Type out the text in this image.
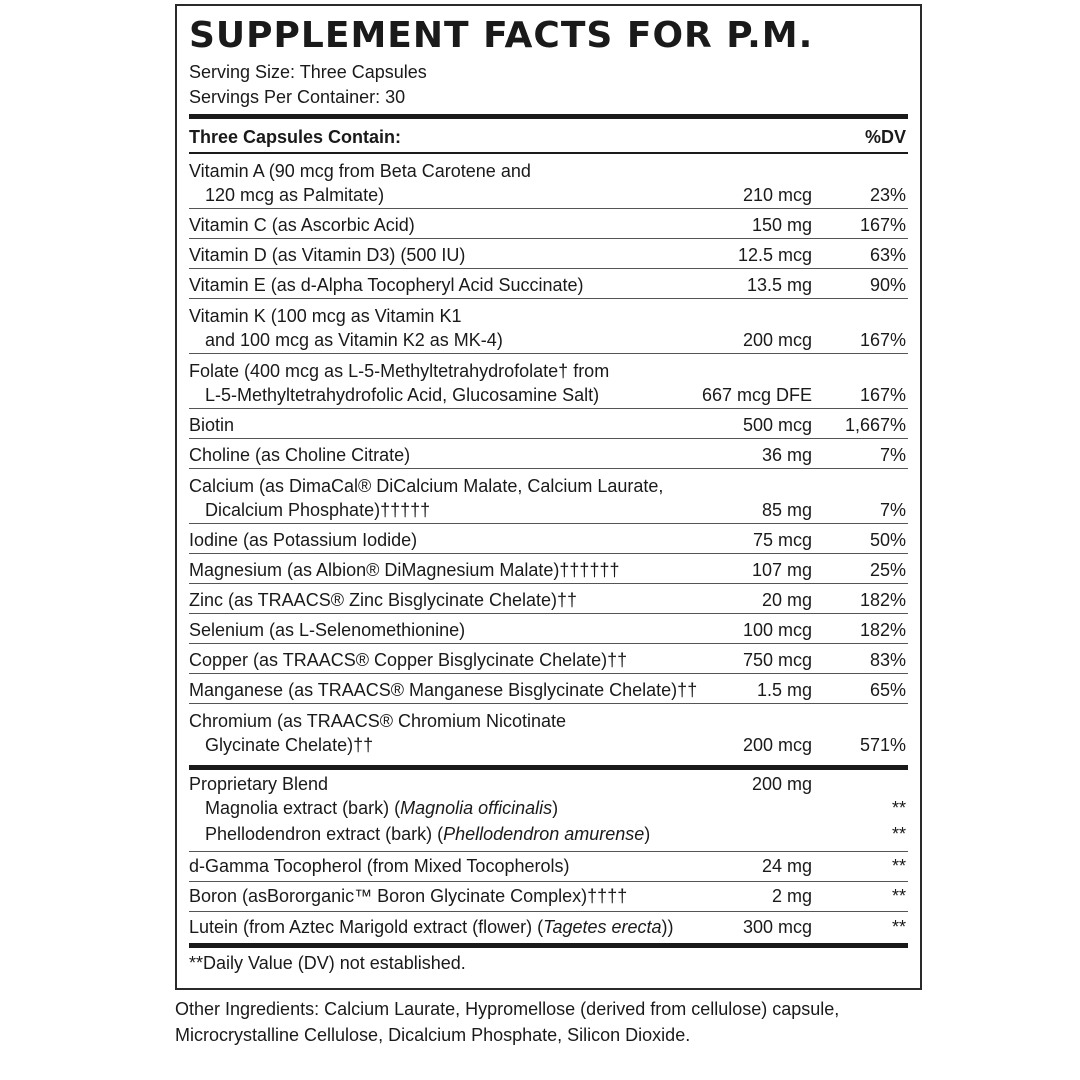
SUPPLEMENT FACTS FOR P.M.
Serving Size: Three Capsules
Servings Per Container: 30
Three Capsules Contain:	%DV
Vitamin A (90 mcg from Beta Carotene and
120 mcg as Palmitate)	210 mcg	23%
Vitamin C (as Ascorbic Acid)	150 mg	167%
Vitamin D (as Vitamin D3) (500 IU)	12.5 mcg	63%
Vitamin E (as d-Alpha Tocopheryl Acid Succinate)	13.5 mg	90%
Vitamin K (100 mcg as Vitamin K1
and 100 mcg as Vitamin K2 as MK-4)	200 mcg	167%
Folate (400 mcg as L-5-Methyltetrahydrofolate† from
L-5-Methyltetrahydrofolic Acid, Glucosamine Salt)	667 mcg DFE	167%
Biotin	500 mcg 1,667%
Choline (as Choline Citrate)	36 mg	7%
Calcium (as DimaCal® DiCalcium Malate, Calcium Laurate,
Dicalcium Phosphate)†††††	85 mg	7%
Iodine (as Potassium Iodide)	75 mcg	50%
Magnesium (as Albion® DiMagnesium Malate)††††††	107 mg	25%
Zinc (as TRAACS® Zinc Bisglycinate Chelate)††	20 mg	182%
Selenium (as L-Selenomethionine)	100 mcg	182%
Copper (as TRAACS® Copper Bisglycinate Chelate)††	750 mcg	83%
Manganese (as TRAACS® Manganese Bisglycinate Chelate)††	1.5 mg	65%
Chromium (as TRAACS® Chromium Nicotinate
Glycinate Chelate)††	200 mcg	571%
Proprietary Blend	200 mg
Magnolia extract (bark) (Magnolia officinalis)	**
Phellodendron extract (bark) (Phellodendron amurense)	**
d-Gamma Tocopherol (from Mixed Tocopherols)	24 mg	**
Boron (asBororganic™ Boron Glycinate Complex)††††	2 mg	**
Lutein (from Aztec Marigold extract (flower) (Tagetes erecta))	300 mcg	**
**Daily Value (DV) not established.
Other Ingredients: Calcium Laurate, Hypromellose (derived from cellulose) capsule,
Microcrystalline Cellulose, Dicalcium Phosphate, Silicon Dioxide.
